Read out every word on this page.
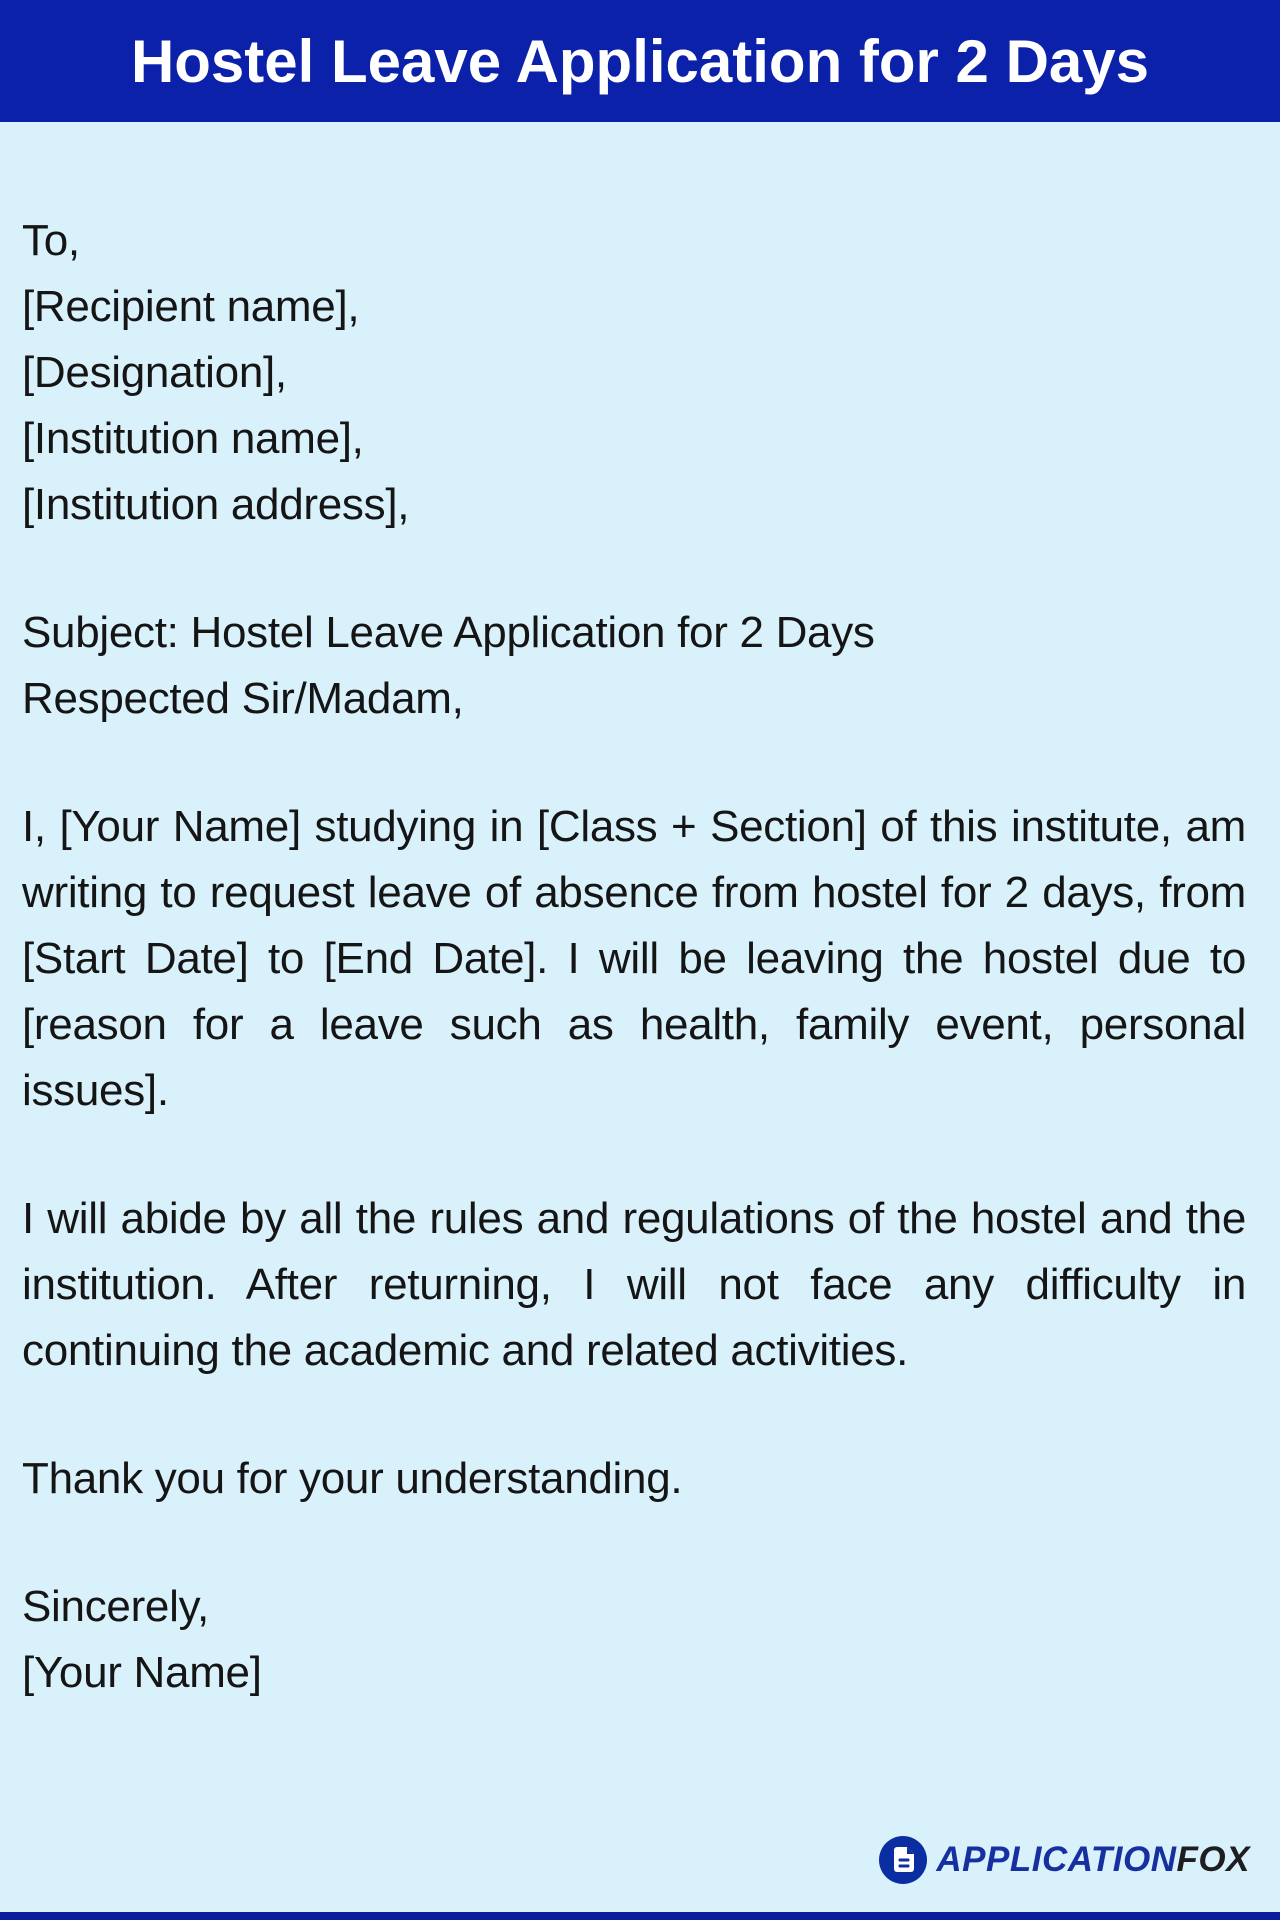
Hostel Leave Application for 2 Days

To,
[Recipient name],
[Designation],
[Institution name],
[Institution address],

Subject: Hostel Leave Application for 2 Days
Respected Sir/Madam,

I, [Your Name] studying in [Class + Section] of this institute, am writing to request leave of absence from hostel for 2 days, from [Start Date] to [End Date]. I will be leaving the hostel due to [reason for a leave such as health, family event, personal issues].

I will abide by all the rules and regulations of the hostel and the institution. After returning, I will not face any difficulty in continuing the academic and related activities.

Thank you for your understanding.

Sincerely,
[Your Name]

APPLICATIONFOX
